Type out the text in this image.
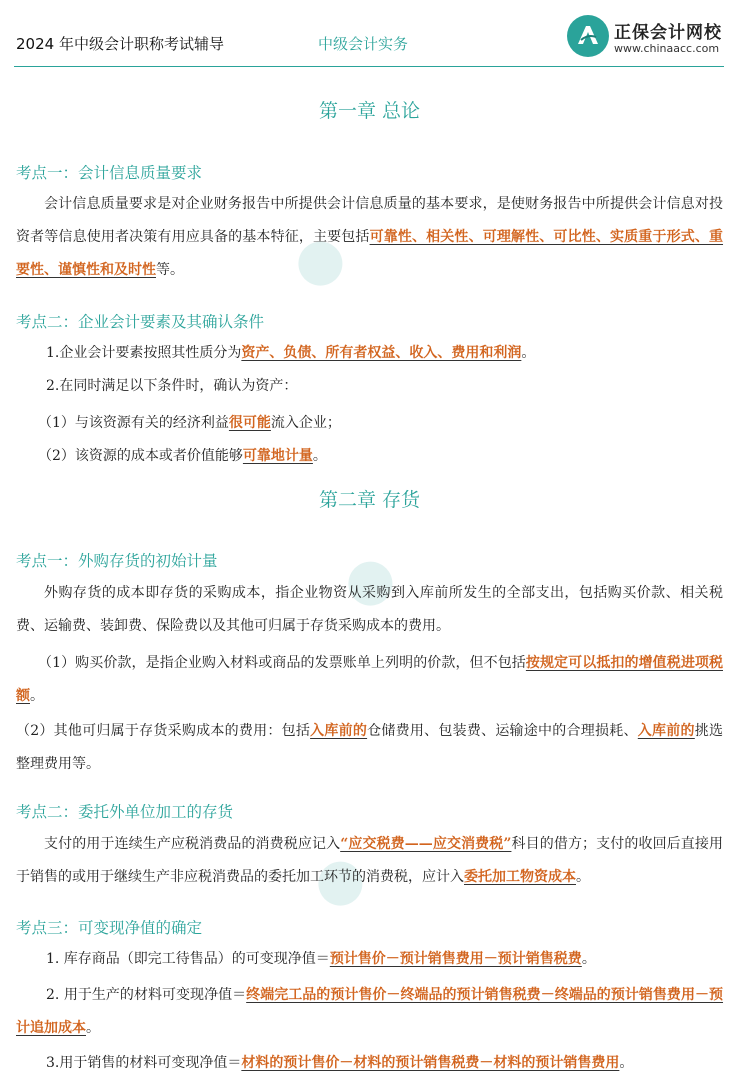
2024 年中级会计职称考试辅导	中级会计实务
正保会计网校
www.chinaacc.com
第一章 总论
考点一：会计信息质量要求
会计信息质量要求是对企业财务报告中所提供会计信息质量的基本要求，是使财务报告中所提供会计信息对投资者等信息使用者决策有用应具备的基本特征，主要包括可靠性、相关性、可理解性、可比性、实质重于形式、重要性、谨慎性和及时性等。
考点二：企业会计要素及其确认条件
1.企业会计要素按照其性质分为资产、负债、所有者权益、收入、费用和利润。
2.在同时满足以下条件时，确认为资产：
（1）与该资源有关的经济利益很可能流入企业；
（2）该资源的成本或者价值能够可靠地计量。
第二章 存货
考点一：外购存货的初始计量
外购存货的成本即存货的采购成本，指企业物资从采购到入库前所发生的全部支出，包括购买价款、相关税费、运输费、装卸费、保险费以及其他可归属于存货采购成本的费用。
（1）购买价款，是指企业购入材料或商品的发票账单上列明的价款，但不包括按规定可以抵扣的增值税进项税额。
（2）其他可归属于存货采购成本的费用：包括入库前的仓储费用、包装费、运输途中的合理损耗、入库前的挑选整理费用等。
考点二：委托外单位加工的存货
支付的用于连续生产应税消费品的消费税应记入“应交税费——应交消费税”科目的借方；支付的收回后直接用于销售的或用于继续生产非应税消费品的委托加工环节的消费税，应计入委托加工物资成本。
考点三：可变现净值的确定
1. 库存商品（即完工待售品）的可变现净值＝预计售价－预计销售费用－预计销售税费。
2. 用于生产的材料可变现净值＝终端完工品的预计售价－终端品的预计销售税费－终端品的预计销售费用－预计追加成本。
3.用于销售的材料可变现净值＝材料的预计售价－材料的预计销售税费－材料的预计销售费用。
